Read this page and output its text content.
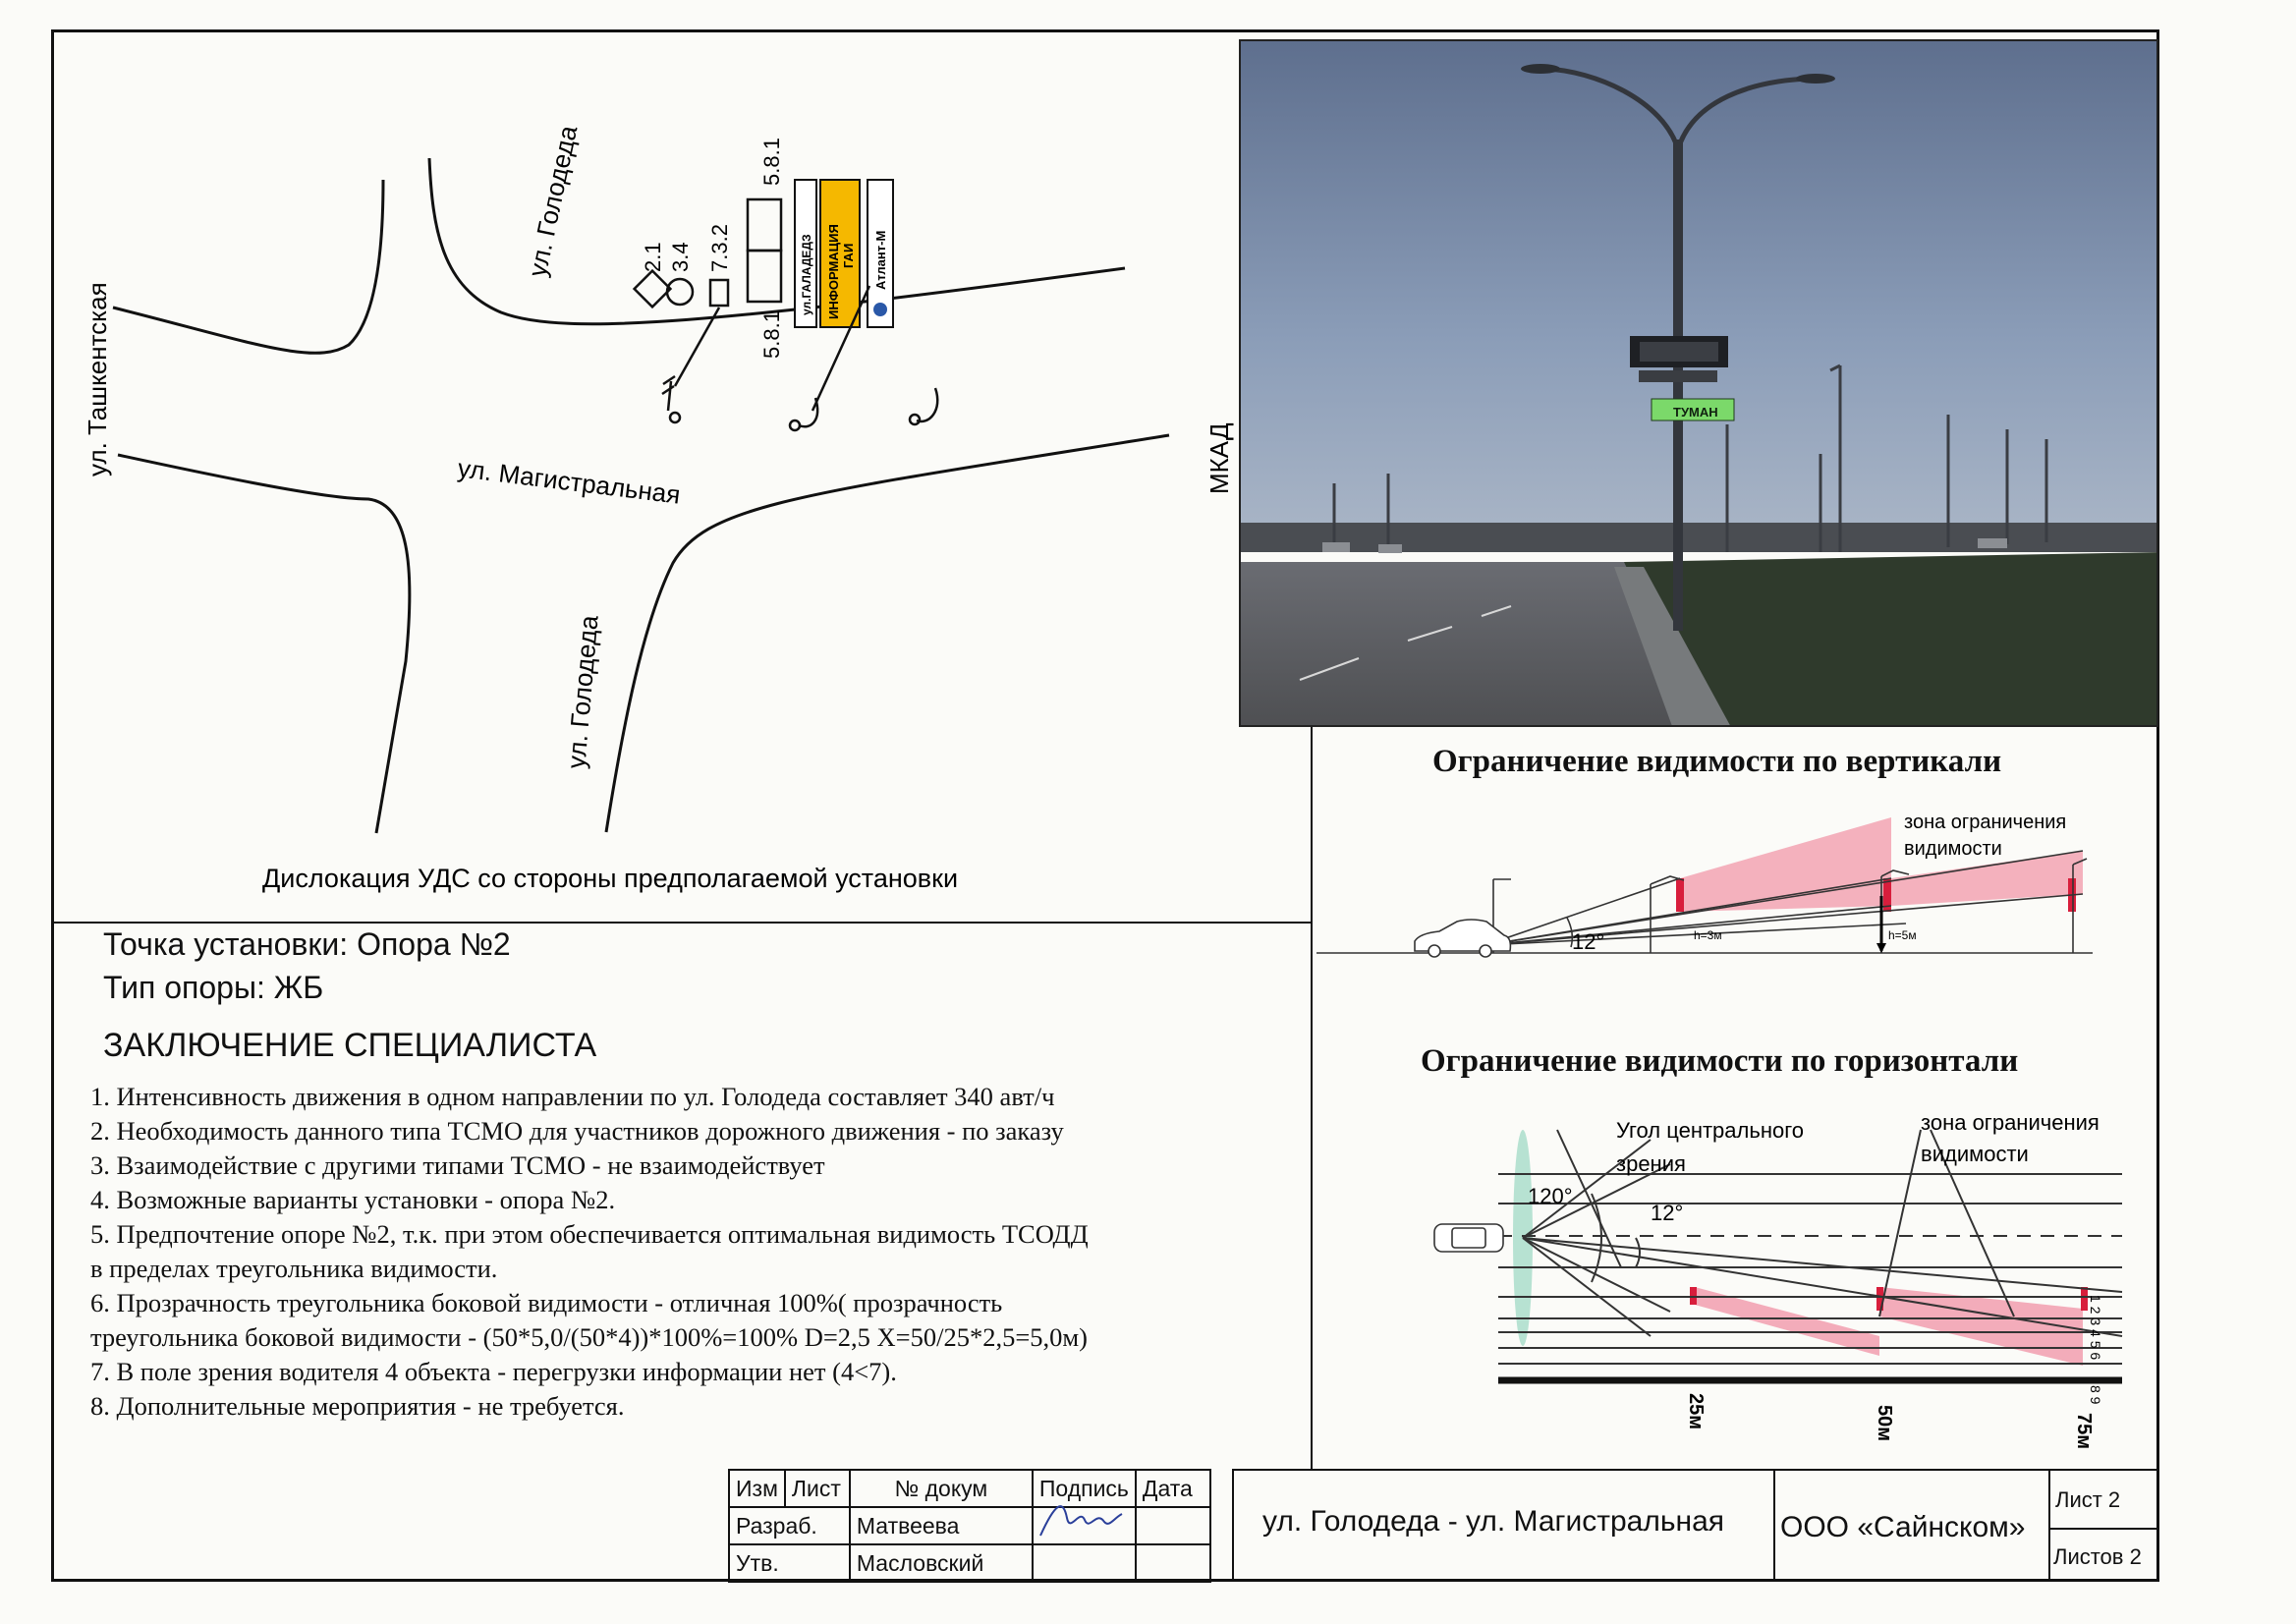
ул. Ташкентская
ул. Голодеда
ул. Магистральная
ул. Голодеда
МКАД
2.1 3.4 7.3.2
5.8.1
5.8.1
ул.ГАЛАДЕДЗ ИНФОРМАЦИЯ ГАИ Атлант-М
Дислокация УДС со стороны предполагаемой установки
ТУМАН
Точка установки: Опора №2
Тип опоры: ЖБ
ЗАКЛЮЧЕНИЕ СПЕЦИАЛИСТА

1. Интенсивность движения в одном направлении по ул. Голодеда составляет 340 авт/ч

2. Необходимость данного типа ТСМО для участников дорожного движения - по заказу

3. Взаимодействие с другими типами ТСМО - не взаимодействует

4. Возможные варианты установки - опора №2.

5. Предпочтение опоре №2, т.к. при этом обеспечивается оптимальная видимость ТСОДД

в пределах треугольника видимости.

6. Прозрачность треугольника боковой видимости - отличная 100%( прозрачность

треугольника боковой видимости - (50*5,0/(50*4))*100%=100% D=2,5 X=50/25*2,5=5,0м)

7. В поле зрения водителя 4 объекта - перегрузки информации нет (4<7).

8. Дополнительные мероприятия - не требуется.

Ограничение видимости по вертикали
зона ограничения
видимости
12°	h=3м	h=5м
Ограничение видимости по горизонтали
Угол центрального
зрения
зона ограничения
видимости
120°
12°
1 2 3 4 5 6
8 9
25м	50м	75м
Изм	Лист	№ докум	Подпись	Дата
Разраб.		Матвеева	

Утв.		Масловский		
ул. Голодеда - ул. Магистральная ООО «Сайнском»
Лист 2
Листов 2
